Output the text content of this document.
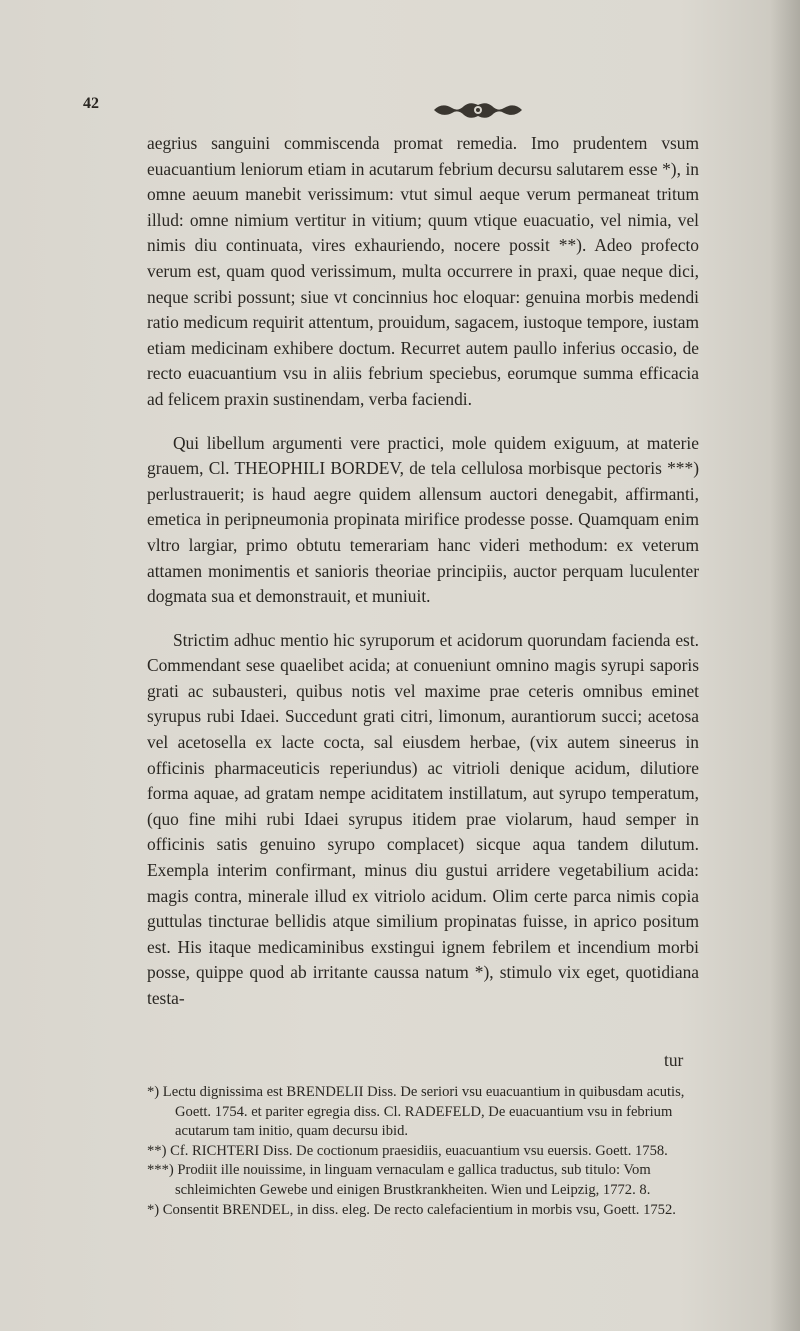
42

aegrius sanguini commiscenda promat remedia. Imo prudentem vsum euacuantium leniorum etiam in acutarum febrium decursu salutarem esse *), in omne aeuum manebit verissimum: vtut simul aeque verum permaneat tritum illud: omne nimium vertitur in vitium; quum vtique euacuatio, vel nimia, vel nimis diu continuata, vires exhauriendo, nocere possit **). Adeo profecto verum est, quam quod verissimum, multa occurrere in praxi, quae neque dici, neque scribi possunt; siue vt concinnius hoc eloquar: genuina morbis medendi ratio medicum requirit attentum, prouidum, sagacem, iustoque tempore, iustam etiam medicinam exhibere doctum. Recurret autem paullo inferius occasio, de recto euacuantium vsu in aliis febrium speciebus, eorumque summa efficacia ad felicem praxin sustinendam, verba faciendi.

Qui libellum argumenti vere practici, mole quidem exiguum, at materie grauem, Cl. THEOPHILI BORDEV, de tela cellulosa morbisque pectoris ***) perlustrauerit; is haud aegre quidem allensum auctori denegabit, affirmanti, emetica in peripneumonia propinata mirifice prodesse posse. Quamquam enim vltro largiar, primo obtutu temerariam hanc videri methodum: ex veterum attamen monimentis et sanioris theoriae principiis, auctor perquam luculenter dogmata sua et demonstrauit, et muniuit.

Strictim adhuc mentio hic syruporum et acidorum quorundam facienda est. Commendant sese quaelibet acida; at conueniunt omnino magis syrupi saporis grati ac subausteri, quibus notis vel maxime prae ceteris omnibus eminet syrupus rubi Idaei. Succedunt grati citri, limonum, aurantiorum succi; acetosa vel acetosella ex lacte cocta, sal eiusdem herbae, (vix autem sineerus in officinis pharmaceuticis reperiundus) ac vitrioli denique acidum, dilutiore forma aquae, ad gratam nempe aciditatem instillatum, aut syrupo temperatum, (quo fine mihi rubi Idaei syrupus itidem prae violarum, haud semper in officinis satis genuino syrupo complacet) sicque aqua tandem dilutum. Exempla interim confirmant, minus diu gustui arridere vegetabilium acida: magis contra, minerale illud ex vitriolo acidum. Olim certe parca nimis copia guttulas tincturae bellidis atque similium propinatas fuisse, in aprico positum est. His itaque medicaminibus exstingui ignem febrilem et incendium morbi posse, quippe quod ab irritante caussa natum *), stimulo vix eget, quotidiana testa-

tur

*) Lectu dignissima est BRENDELII Diss. De seriori vsu euacuantium in quibusdam acutis, Goett. 1754. et pariter egregia diss. Cl. RADEFELD, De euacuantium vsu in febrium acutarum tam initio, quam decursu ibid.

**) Cf. RICHTERI Diss. De coctionum praesidiis, euacuantium vsu euersis. Goett. 1758.

***) Prodiit ille nouissime, in linguam vernaculam e gallica traductus, sub titulo: Vom schleimichten Gewebe und einigen Brustkrankheiten. Wien und Leipzig, 1772. 8.

*) Consentit BRENDEL, in diss. eleg. De recto calefacientium in morbis vsu, Goett. 1752.
